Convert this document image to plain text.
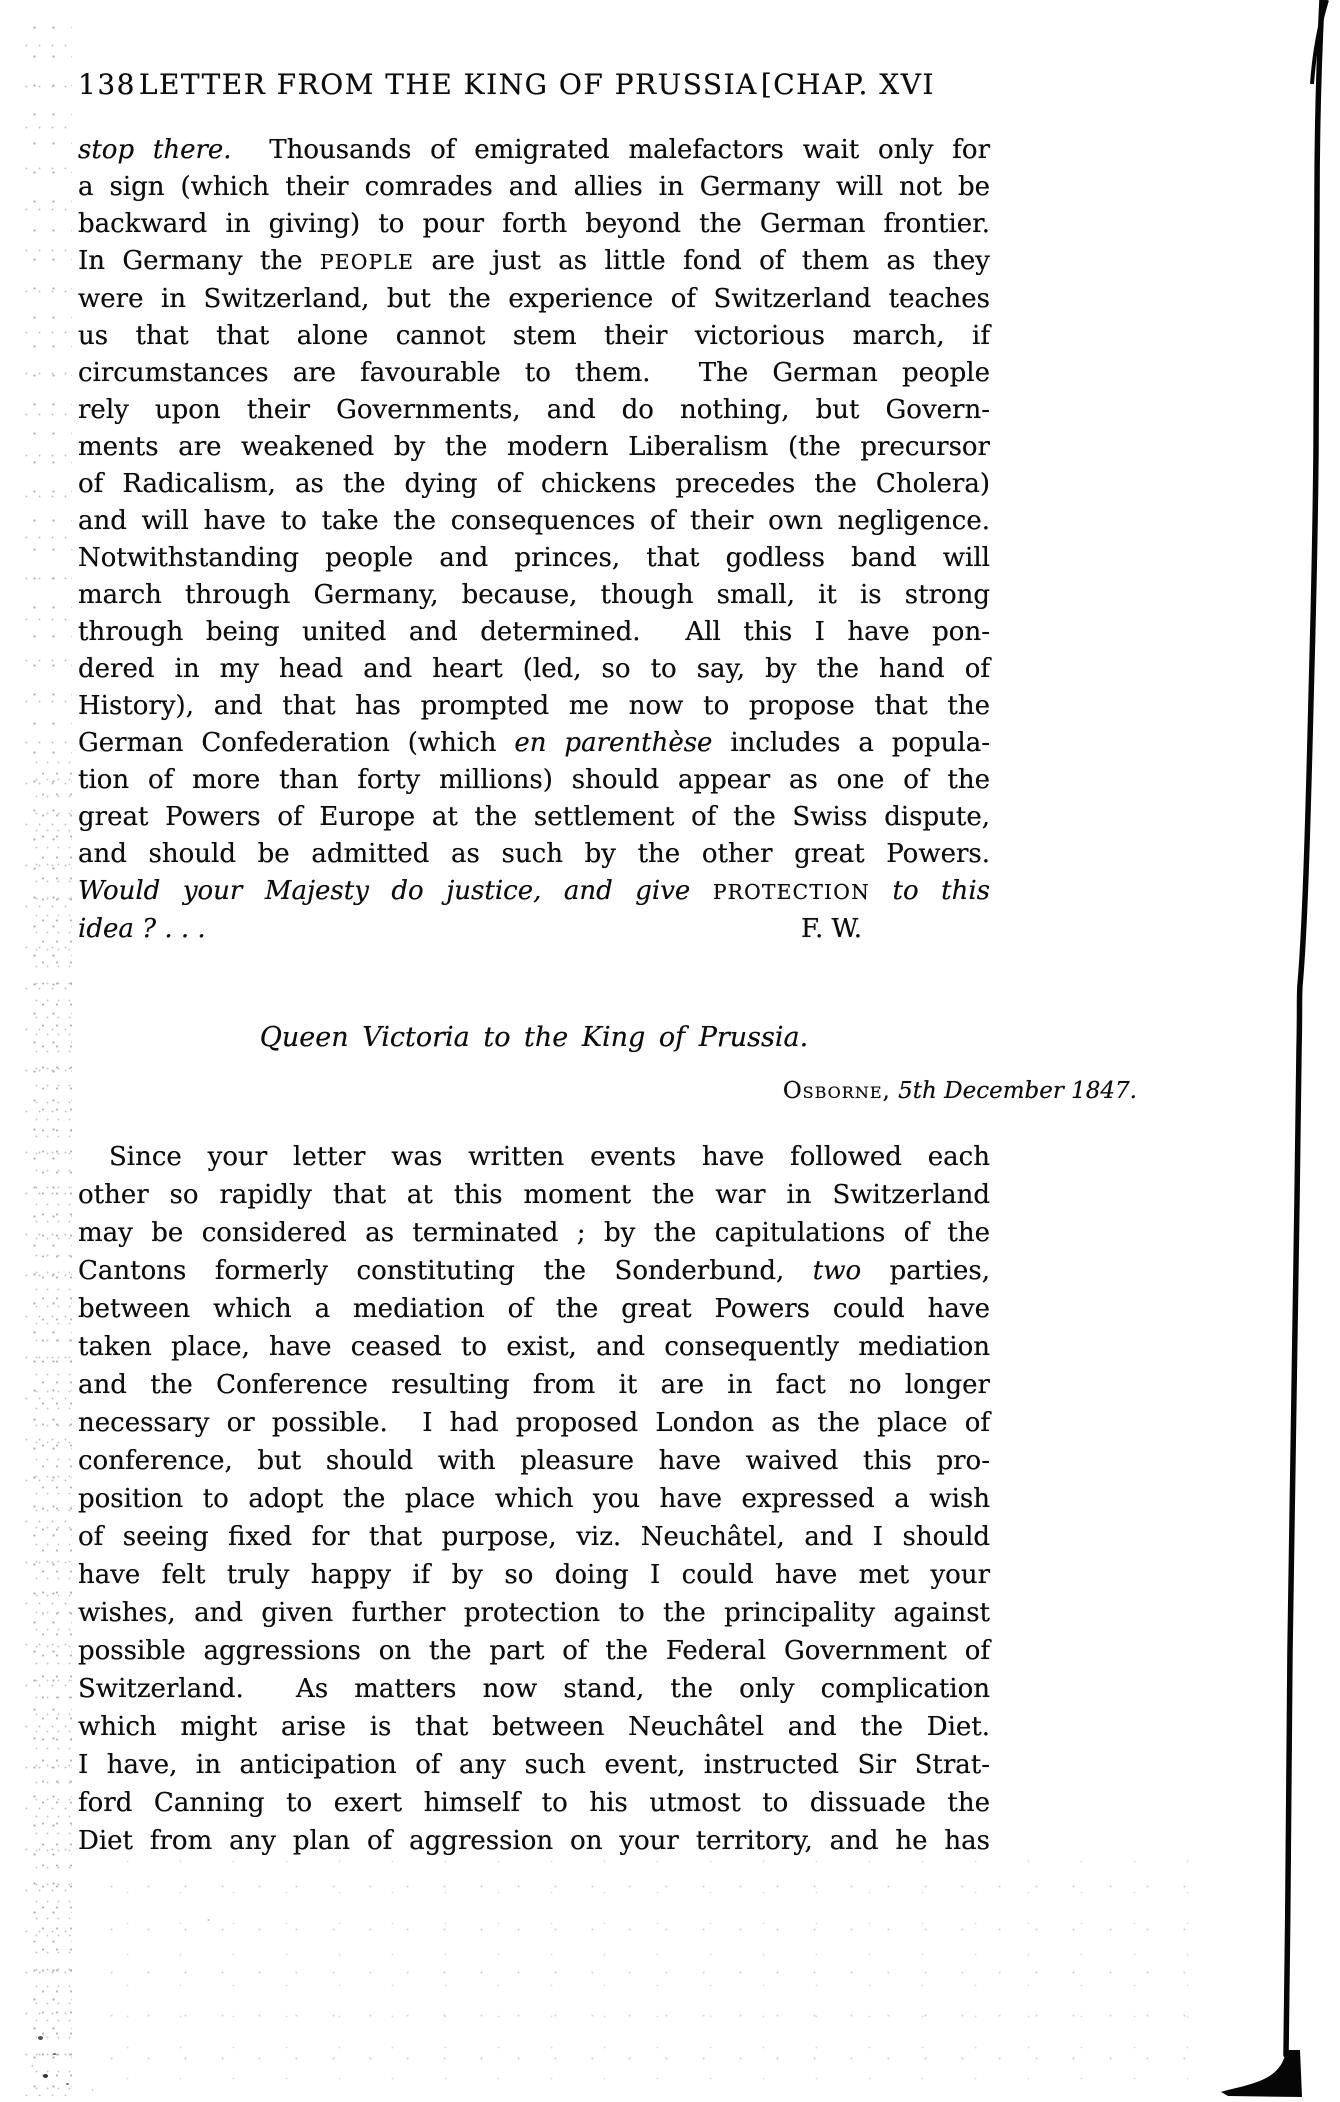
138 LETTER FROM THE KING OF PRUSSIA [CHAP. XVI
stop there.  Thousands of emigrated malefactors wait only for
a sign (which their comrades and allies in Germany will not be
backward in giving) to pour forth beyond the German frontier.
In Germany the PEOPLE are just as little fond of them as they
were in Switzerland, but the experience of Switzerland teaches
us that that alone cannot stem their victorious march, if
circumstances are favourable to them.  The German people
rely upon their Governments, and do nothing, but Govern-
ments are weakened by the modern Liberalism (the precursor
of Radicalism, as the dying of chickens precedes the Cholera)
and will have to take the consequences of their own negligence.
Notwithstanding people and princes, that godless band will
march through Germany, because, though small, it is strong
through being united and determined.  All this I have pon-
dered in my head and heart (led, so to say, by the hand of
History), and that has prompted me now to propose that the
German Confederation (which en parenthèse includes a popula-
tion of more than forty millions) should appear as one of the
great Powers of Europe at the settlement of the Swiss dispute,
and should be admitted as such by the other great Powers.
Would your Majesty do justice, and give PROTECTION to this
idea ? . . .	F. W.
Queen Victoria to the King of Prussia.
Osborne, 5th December 1847.
Since your letter was written events have followed each
other so rapidly that at this moment the war in Switzerland
may be considered as terminated ; by the capitulations of the
Cantons formerly constituting the Sonderbund, two parties,
between which a mediation of the great Powers could have
taken place, have ceased to exist, and consequently mediation
and the Conference resulting from it are in fact no longer
necessary or possible.  I had proposed London as the place of
conference, but should with pleasure have waived this pro-
position to adopt the place which you have expressed a wish
of seeing fixed for that purpose, viz. Neuchâtel, and I should
have felt truly happy if by so doing I could have met your
wishes, and given further protection to the principality against
possible aggressions on the part of the Federal Government of
Switzerland.  As matters now stand, the only complication
which might arise is that between Neuchâtel and the Diet.
I have, in anticipation of any such event, instructed Sir Strat-
ford Canning to exert himself to his utmost to dissuade the
Diet from any plan of aggression on your territory, and he has
